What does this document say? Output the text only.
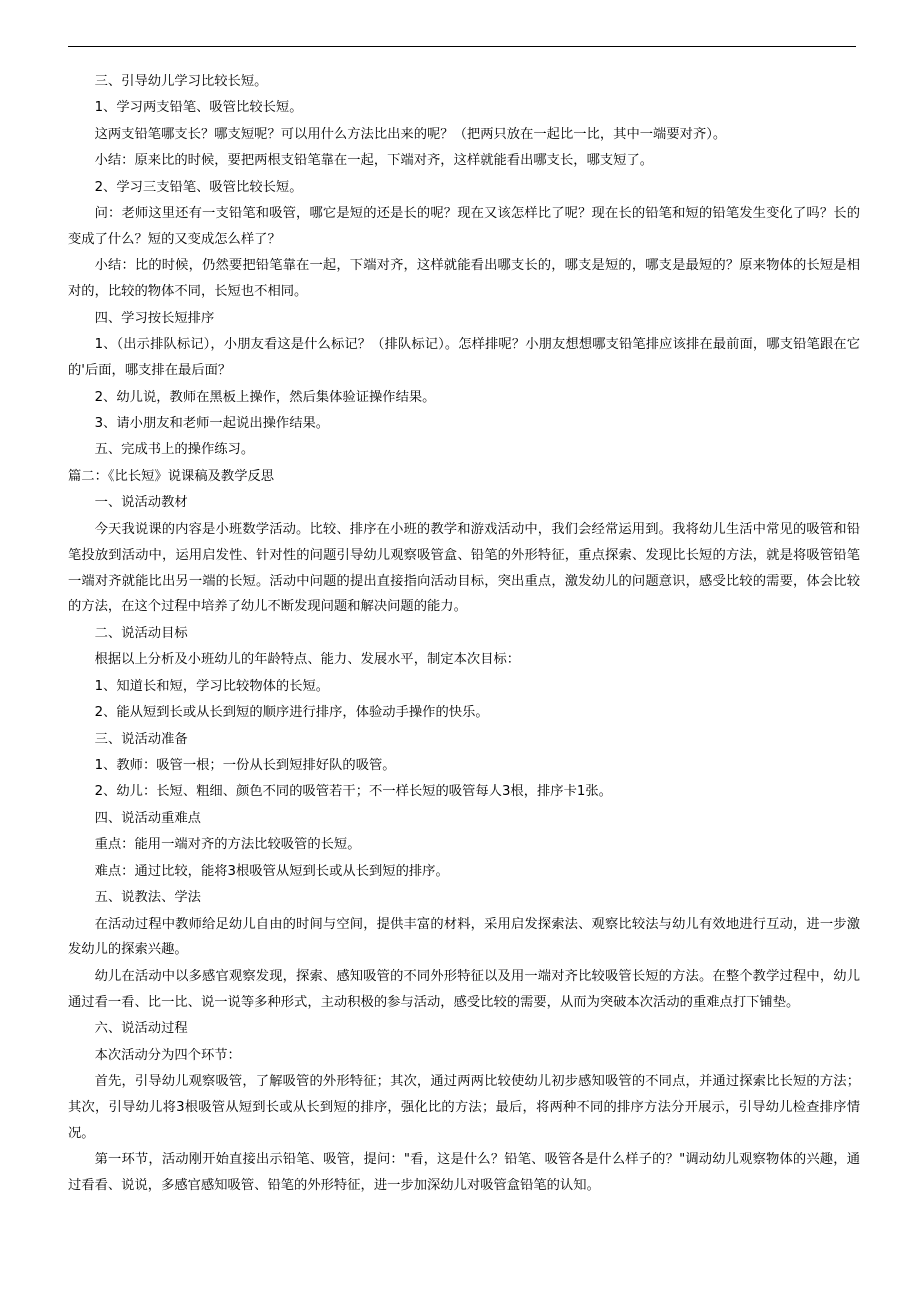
三、引导幼儿学习比较长短。

1、学习两支铅笔、吸管比较长短。

这两支铅笔哪支长？哪支短呢？可以用什么方法比出来的呢？（把两只放在一起比一比，其中一端要对齐）。

小结：原来比的时候，要把两根支铅笔靠在一起，下端对齐，这样就能看出哪支长，哪支短了。

2、学习三支铅笔、吸管比较长短。

问：老师这里还有一支铅笔和吸管，哪它是短的还是长的呢？现在又该怎样比了呢？现在长的铅笔和短的铅笔发生变化了吗？长的变成了什么？短的又变成怎么样了？

小结：比的时候，仍然要把铅笔靠在一起，下端对齐，这样就能看出哪支长的，哪支是短的，哪支是最短的？原来物体的长短是相对的，比较的物体不同，长短也不相同。

四、学习按长短排序

1、（出示排队标记），小朋友看这是什么标记？（排队标记）。怎样排呢？小朋友想想哪支铅笔排应该排在最前面，哪支铅笔跟在它的'后面，哪支排在最后面？

2、幼儿说，教师在黑板上操作，然后集体验证操作结果。

3、请小朋友和老师一起说出操作结果。

五、完成书上的操作练习。

篇二：《比长短》说课稿及教学反思

一、说活动教材

今天我说课的内容是小班数学活动。比较、排序在小班的教学和游戏活动中，我们会经常运用到。我将幼儿生活中常见的吸管和铅笔投放到活动中，运用启发性、针对性的问题引导幼儿观察吸管盒、铅笔的外形特征，重点探索、发现比长短的方法，就是将吸管铅笔一端对齐就能比出另一端的长短。活动中问题的提出直接指向活动目标，突出重点，激发幼儿的问题意识，感受比较的需要，体会比较的方法，在这个过程中培养了幼儿不断发现问题和解决问题的能力。

二、说活动目标

根据以上分析及小班幼儿的年龄特点、能力、发展水平，制定本次目标：

1、知道长和短，学习比较物体的长短。

2、能从短到长或从长到短的顺序进行排序，体验动手操作的快乐。

三、说活动准备

1、教师：吸管一根；一份从长到短排好队的吸管。

2、幼儿：长短、粗细、颜色不同的吸管若干；不一样长短的吸管每人3根，排序卡1张。

四、说活动重难点

重点：能用一端对齐的方法比较吸管的长短。

难点：通过比较，能将3根吸管从短到长或从长到短的排序。

五、说教法、学法

在活动过程中教师给足幼儿自由的时间与空间，提供丰富的材料，采用启发探索法、观察比较法与幼儿有效地进行互动，进一步激发幼儿的探索兴趣。

幼儿在活动中以多感官观察发现，探索、感知吸管的不同外形特征以及用一端对齐比较吸管长短的方法。在整个教学过程中，幼儿通过看一看、比一比、说一说等多种形式，主动积极的参与活动，感受比较的需要，从而为突破本次活动的重难点打下铺垫。

六、说活动过程

本次活动分为四个环节：

首先，引导幼儿观察吸管，了解吸管的外形特征；其次，通过两两比较使幼儿初步感知吸管的不同点，并通过探索比长短的方法；其次，引导幼儿将3根吸管从短到长或从长到短的排序，强化比的方法；最后，将两种不同的排序方法分开展示，引导幼儿检查排序情况。

第一环节，活动刚开始直接出示铅笔、吸管，提问："看，这是什么？铅笔、吸管各是什么样子的？"调动幼儿观察物体的兴趣，通过看看、说说，多感官感知吸管、铅笔的外形特征，进一步加深幼儿对吸管盒铅笔的认知。
